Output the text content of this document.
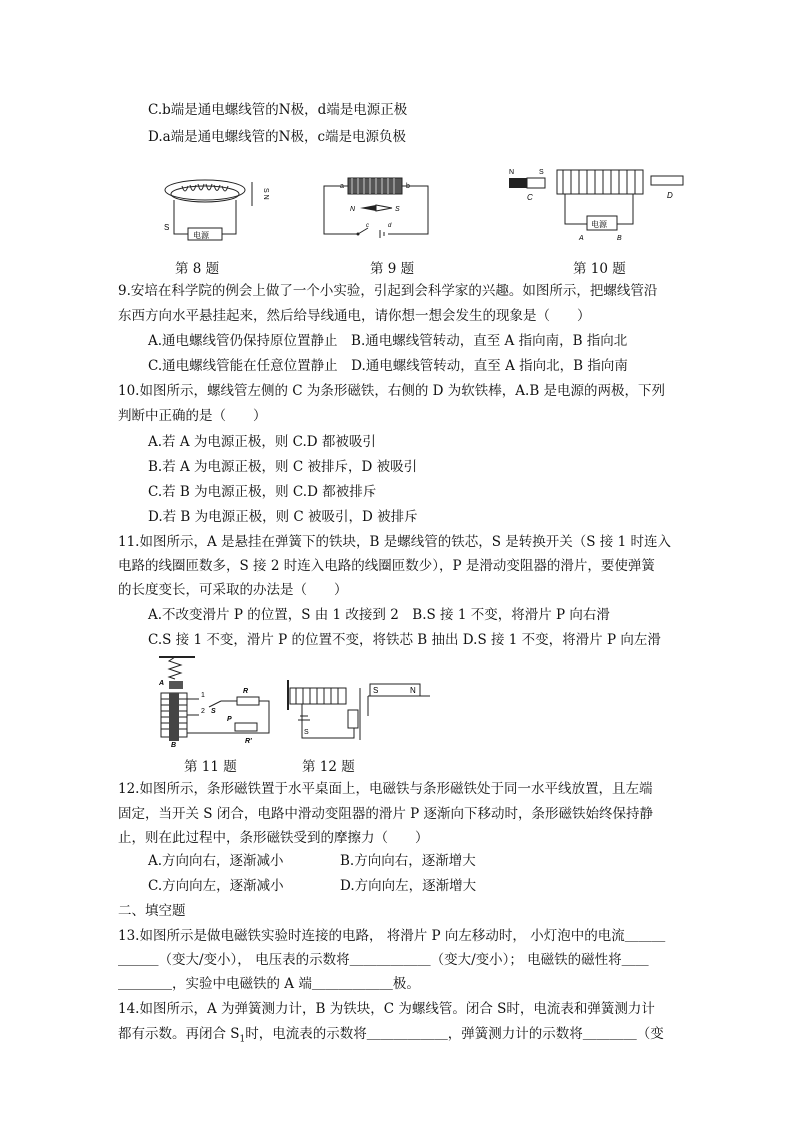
C.b端是通电螺线管的N极，d端是电源正极
D.a端是通电螺线管的N极，c端是电源负极
电源
S
S N
第 8 题
a	b
N	S
c	d
第 9 题
N	S
C	D
电源
A	B
第 10 题
9.安培在科学院的例会上做了一个小实验，引起到会科学家的兴趣。如图所示，把螺线管沿
东西方向水平悬挂起来，然后给导线通电，请你想一想会发生的现象是（　　）
A.通电螺线管仍保持原位置静止　B.通电螺线管转动，直至 A 指向南，B 指向北
C.通电螺线管能在任意位置静止　D.通电螺线管转动，直至 A 指向北，B 指向南
10.如图所示，螺线管左侧的 C 为条形磁铁，右侧的 D 为软铁棒，A.B 是电源的两极，下列
判断中正确的是（　　）
A.若 A 为电源正极，则 C.D 都被吸引
B.若 A 为电源正极，则 C 被排斥，D 被吸引
C.若 B 为电源正极，则 C.D 都被排斥
D.若 B 为电源正极，则 C 被吸引，D 被排斥
11.如图所示，A 是悬挂在弹簧下的铁块，B 是螺线管的铁芯，S 是转换开关（S 接 1 时连入
电路的线圈匝数多，S 接 2 时连入电路的线圈匝数少），P 是滑动变阻器的滑片，要使弹簧
的长度变长，可采取的办法是（　　）
A.不改变滑片 P 的位置，S 由 1 改接到 2　B.S 接 1 不变，将滑片 P 向右滑
C.S 接 1 不变，滑片 P 的位置不变，将铁芯 B 抽出 D.S 接 1 不变，将滑片 P 向左滑
A
B
1
2 S
R
P
R′
第 11 题
S
S	N
第 12 题
12.如图所示，条形磁铁置于水平桌面上，电磁铁与条形磁铁处于同一水平线放置，且左端
固定，当开关 S 闭合，电路中滑动变阻器的滑片 P 逐渐向下移动时，条形磁铁始终保持静
止，则在此过程中，条形磁铁受到的摩擦力（　　）
A.方向向右，逐渐减小	B.方向向右，逐渐增大
C.方向向左，逐渐减小	D.方向向左，逐渐增大
二、填空题
13.如图所示是做电磁铁实验时连接的电路， 将滑片 P 向左移动时， 小灯泡中的电流＿＿＿
＿＿＿（变大/变小）， 电压表的示数将＿＿＿＿＿＿（变大/变小）； 电磁铁的磁性将＿＿
＿＿＿＿，实验中电磁铁的 A 端＿＿＿＿＿＿极。
14.如图所示，A 为弹簧测力计，B 为铁块，C 为螺线管。闭合 S时，电流表和弹簧测力计
都有示数。再闭合 $S_1$时，电流表的示数将＿＿＿＿＿＿，弹簧测力计的示数将＿＿＿＿（变
